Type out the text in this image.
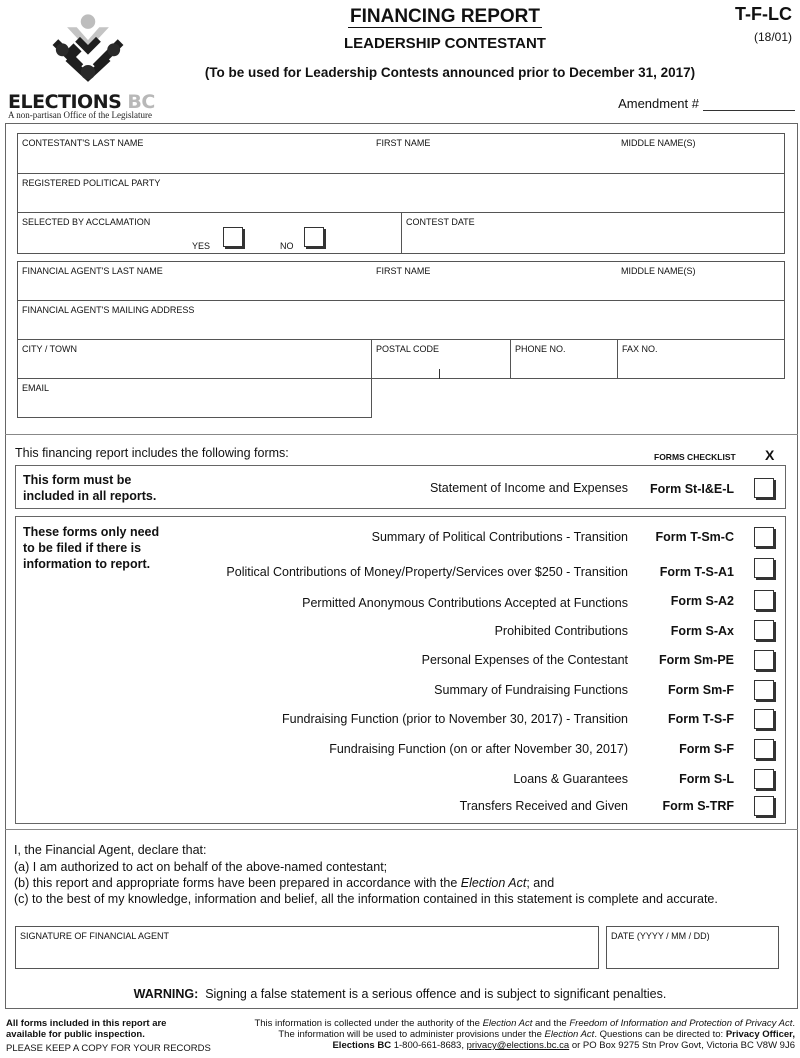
ELECTIONS BC
A non-partisan Office of the Legislature
FINANCING REPORT
LEADERSHIP CONTESTANT
T-F-LC
(18/01)
(To be used for Leadership Contests announced prior to December 31, 2017)
Amendment #
CONTESTANT'S LAST NAME	FIRST NAME	MIDDLE NAME(S)
REGISTERED POLITICAL PARTY
SELECTED BY ACCLAMATION
YES	NO
CONTEST DATE
FINANCIAL AGENT'S LAST NAME	FIRST NAME	MIDDLE NAME(S)
FINANCIAL AGENT'S MAILING ADDRESS
CITY / TOWN	POSTAL CODE	PHONE NO.	FAX NO.
EMAIL
This financing report includes the following forms:	FORMS CHECKLIST X
This form must be
included in all reports.
Statement of Income and Expenses Form St-I&E-L
These forms only need
to be filed if there is
information to report.
Summary of Political Contributions - Transition Form T-Sm-C
Political Contributions of Money/Property/Services over $250 - Transition	Form T-S-A1
Permitted Anonymous Contributions Accepted at Functions	Form S-A2
Prohibited Contributions	Form S-Ax
Personal Expenses of the Contestant Form Sm-PE
Summary of Fundraising Functions	Form Sm-F
Fundraising Function (prior to November 30, 2017) - Transition	Form T-S-F
Fundraising Function (on or after November 30, 2017)	Form S-F
Loans & Guarantees	Form S-L
Transfers Received and Given	Form S-TRF
I, the Financial Agent, declare that:
(a) I am authorized to act on behalf of the above-named contestant;
(b) this report and appropriate forms have been prepared in accordance with the Election Act; and
(c) to the best of my knowledge, information and belief, all the information contained in this statement is complete and accurate.
SIGNATURE OF FINANCIAL AGENT	DATE (YYYY / MM / DD)
WARNING: Signing a false statement is a serious offence and is subject to significant penalties.
All forms included in this report are
available for public inspection.
PLEASE KEEP A COPY FOR YOUR RECORDS
This information is collected under the authority of the Election Act and the Freedom of Information and Protection of Privacy Act.
The information will be used to administer provisions under the Election Act. Questions can be directed to: Privacy Officer,
Elections BC 1-800-661-8683, privacy@elections.bc.ca or PO Box 9275 Stn Prov Govt, Victoria BC V8W 9J6
